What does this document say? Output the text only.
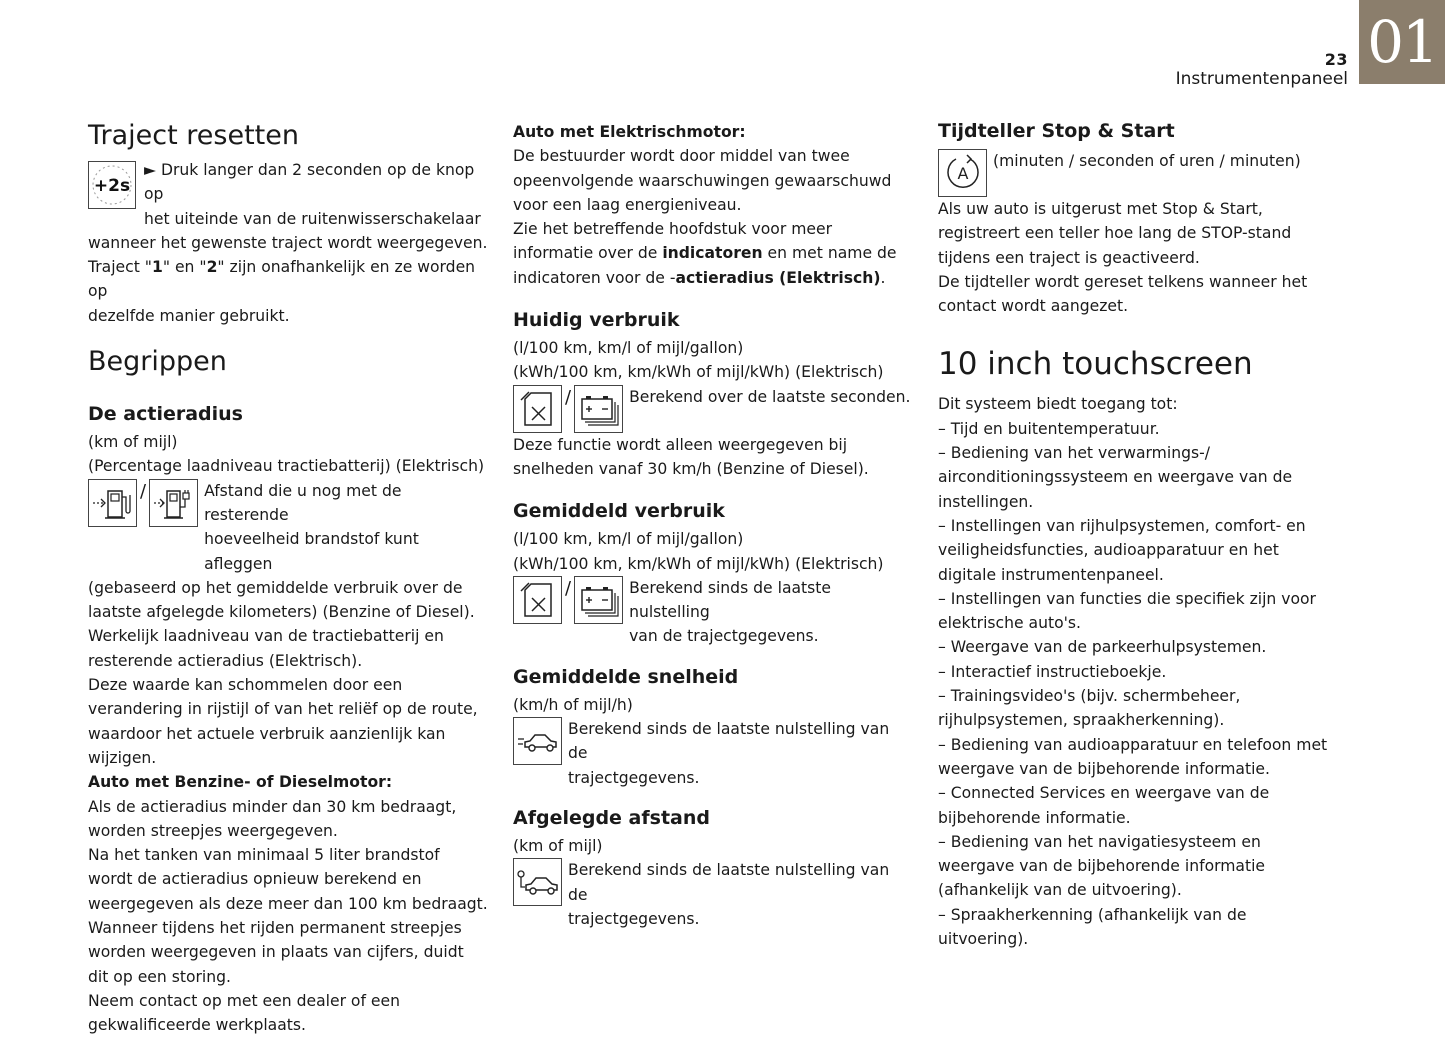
23
Instrumentenpaneel
01
Traject resetten
+2s

► Druk langer dan 2 seconden op de knop op

het uiteinde van de ruitenwisserschakelaar

wanneer het gewenste traject wordt weergegeven.

Traject "1" en "2" zijn onafhankelijk en ze worden op

dezelfde manier gebruikt.

Begrippen
De actieradius

(km of mijl)

(Percentage laadniveau tractiebatterij) (Elektrisch)

/	Afstand die u nog met de resterende

hoeveelheid brandstof kunt afleggen

(gebaseerd op het gemiddelde verbruik over de laatste afgelegde kilometers) (Benzine of Diesel).

Werkelijk laadniveau van de tractiebatterij en resterende actieradius (Elektrisch).

Deze waarde kan schommelen door een verandering in rijstijl of van het reliëf op de route, waardoor het actuele verbruik aanzienlijk kan wijzigen.

Auto met Benzine- of Dieselmotor:

Als de actieradius minder dan 30 km bedraagt, worden streepjes weergegeven.

Na het tanken van minimaal 5 liter brandstof wordt de actieradius opnieuw berekend en weergegeven als deze meer dan 100 km bedraagt.

Wanneer tijdens het rijden permanent streepjes worden weergegeven in plaats van cijfers, duidt dit op een storing.

Neem contact op met een dealer of een gekwalificeerde werkplaats.

Auto met Elektrischmotor:

De bestuurder wordt door middel van twee opeenvolgende waarschuwingen gewaarschuwd voor een laag energieniveau.

Zie het betreffende hoofdstuk voor meer informatie over de indicatoren en met name de indicatoren voor de -actieradius (Elektrisch).

Huidig verbruik

(l/100 km, km/l of mijl/gallon)

(kWh/100 km, km/kWh of mijl/kWh) (Elektrisch)

/	Berekend over de laatste seconden.

Deze functie wordt alleen weergegeven bij snelheden vanaf 30 km/h (Benzine of Diesel).

Gemiddeld verbruik

(l/100 km, km/l of mijl/gallon)

(kWh/100 km, km/kWh of mijl/kWh) (Elektrisch)

/	Berekend sinds de laatste nulstelling

van de trajectgegevens.

Gemiddelde snelheid

(km/h of mijl/h)

Berekend sinds de laatste nulstelling van de

trajectgegevens.

Afgelegde afstand

(km of mijl)

Berekend sinds de laatste nulstelling van de

trajectgegevens.

Tijdteller Stop & Start
A

(minuten / seconden of uren / minuten)

Als uw auto is uitgerust met Stop & Start, registreert een teller hoe lang de STOP-stand tijdens een traject is geactiveerd.

De tijdteller wordt gereset telkens wanneer het contact wordt aangezet.

10 inch touchscreen

Dit systeem biedt toegang tot:

– Tijd en buitentemperatuur.

– Bediening van het verwarmings-/ airconditioningssysteem en weergave van de instellingen.

– Instellingen van rijhulpsystemen, comfort- en veiligheidsfuncties, audioapparatuur en het digitale instrumentenpaneel.

– Instellingen van functies die specifiek zijn voor elektrische auto's.

– Weergave van de parkeerhulpsystemen.

– Interactief instructieboekje.

– Trainingsvideo's (bijv. schermbeheer, rijhulpsystemen, spraakherkenning).

– Bediening van audioapparatuur en telefoon met weergave van de bijbehorende informatie.

– Connected Services en weergave van de bijbehorende informatie.

– Bediening van het navigatiesysteem en weergave van de bijbehorende informatie (afhankelijk van de uitvoering).

– Spraakherkenning (afhankelijk van de uitvoering).
